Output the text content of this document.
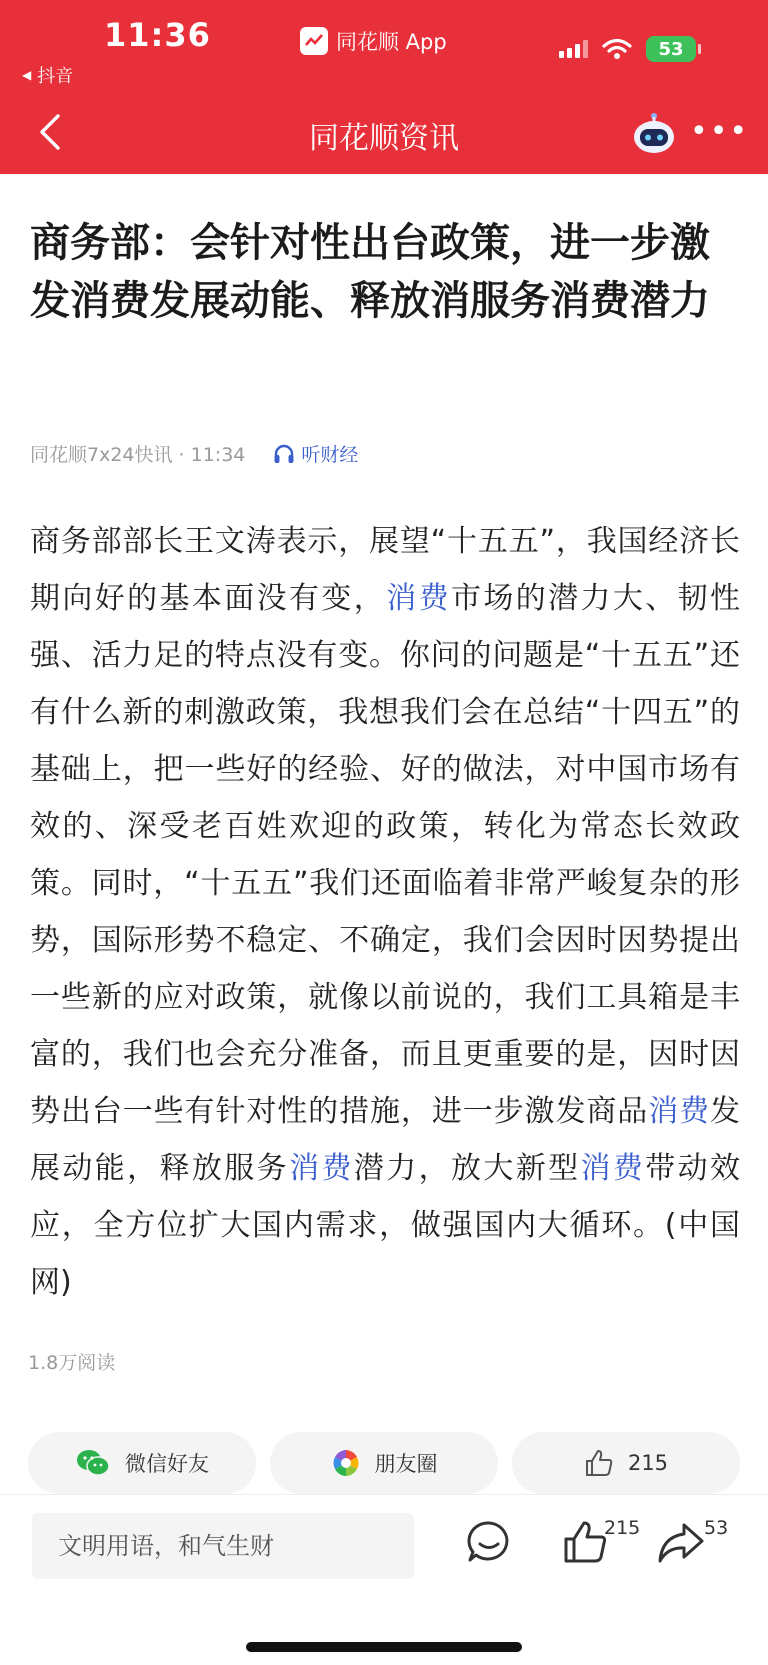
11:36
◀ 抖音
同花顺 App	53
同花顺资讯	•••
商务部：会针对性出台政策，进一步激发消费发展动能、释放消服务消费潜力
同花顺7x24快讯 · 11:34	听财经
商务部部长王文涛表示，展望“十五五”，我国经济长期向好的基本面没有变，消费市场的潜力大、韧性强、活力足的特点没有变。你问的问题是“十五五”还有什么新的刺激政策，我想我们会在总结“十四五”的基础上，把一些好的经验、好的做法，对中国市场有效的、深受老百姓欢迎的政策，转化为常态长效政策。同时，“十五五”我们还面临着非常严峻复杂的形势，国际形势不稳定、不确定，我们会因时因势提出一些新的应对政策，就像以前说的，我们工具箱是丰富的，我们也会充分准备，而且更重要的是，因时因势出台一些有针对性的措施，进一步激发商品消费发展动能，释放服务消费潜力，放大新型消费带动效应，全方位扩大国内需求，做强国内大循环。(中国网)
1.8万阅读
微信好友	朋友圈	215
文明用语，和气生财
215	53
